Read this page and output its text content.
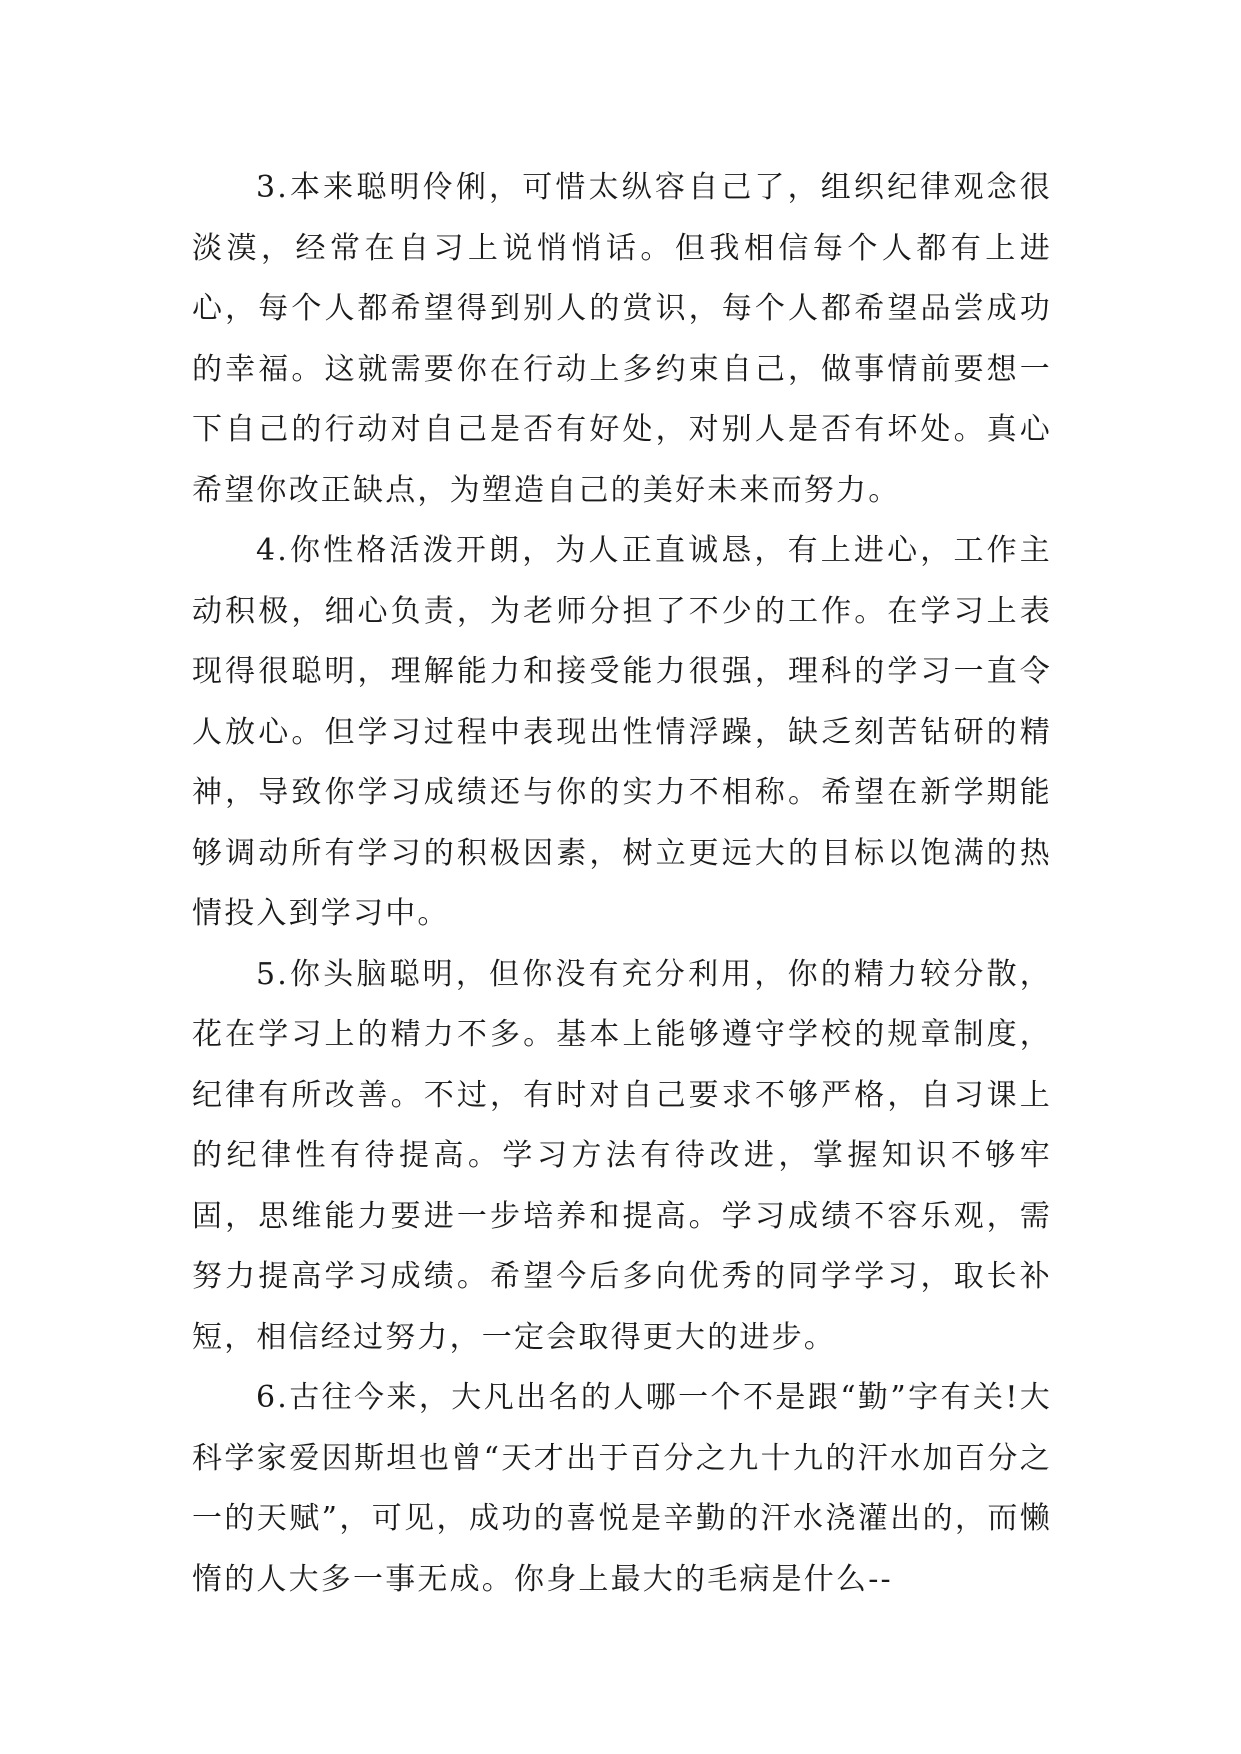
3.本来聪明伶俐，可惜太纵容自己了，组织纪律观念很淡漠，经常在自习上说悄悄话。但我相信每个人都有上进心，每个人都希望得到别人的赏识，每个人都希望品尝成功的幸福。这就需要你在行动上多约束自己，做事情前要想一下自己的行动对自己是否有好处，对别人是否有坏处。真心希望你改正缺点，为塑造自己的美好未来而努力。

4.你性格活泼开朗，为人正直诚恳，有上进心，工作主动积极，细心负责，为老师分担了不少的工作。在学习上表现得很聪明，理解能力和接受能力很强，理科的学习一直令人放心。但学习过程中表现出性情浮躁，缺乏刻苦钻研的精神，导致你学习成绩还与你的实力不相称。希望在新学期能够调动所有学习的积极因素，树立更远大的目标以饱满的热情投入到学习中。

5.你头脑聪明，但你没有充分利用，你的精力较分散，花在学习上的精力不多。基本上能够遵守学校的规章制度，纪律有所改善。不过，有时对自己要求不够严格，自习课上的纪律性有待提高。学习方法有待改进，掌握知识不够牢固，思维能力要进一步培养和提高。学习成绩不容乐观，需努力提高学习成绩。希望今后多向优秀的同学学习，取长补短，相信经过努力，一定会取得更大的进步。

6.古往今来，大凡出名的人哪一个不是跟“勤”字有关!大科学家爱因斯坦也曾“天才出于百分之九十九的汗水加百分之一的天赋”，可见，成功的喜悦是辛勤的汗水浇灌出的，而懒惰的人大多一事无成。你身上最大的毛病是什么--
